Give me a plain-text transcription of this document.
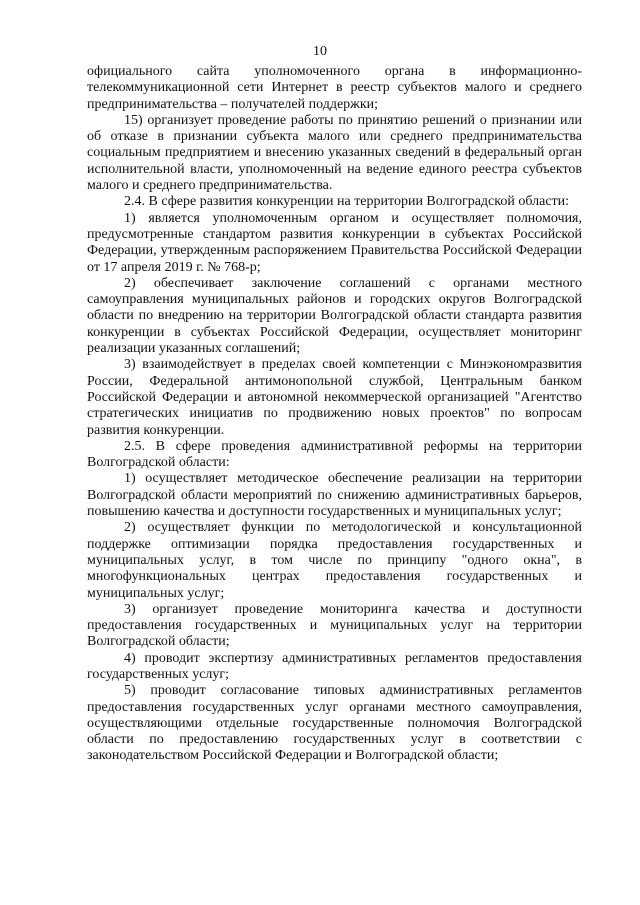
10

официального сайта уполномоченного органа в информационно-телекоммуникационной сети Интернет в реестр субъектов малого и среднего предпринимательства – получателей поддержки;

15) организует проведение работы по принятию решений о признании или об отказе в признании субъекта малого или среднего предпринимательства социальным предприятием и внесению указанных сведений в федеральный орган исполнительной власти, уполномоченный на ведение единого реестра субъектов малого и среднего предпринимательства.

2.4. В сфере развития конкуренции на территории Волгоградской области:

1) является уполномоченным органом и осуществляет полномочия, предусмотренные стандартом развития конкуренции в субъектах Российской Федерации, утвержденным распоряжением Правительства Российской Федерации от 17 апреля 2019 г. № 768-р;

2) обеспечивает заключение соглашений с органами местного самоуправления муниципальных районов и городских округов Волгоградской области по внедрению на территории Волгоградской области стандарта развития конкуренции в субъектах Российской Федерации, осуществляет мониторинг реализации указанных соглашений;

3) взаимодействует в пределах своей компетенции с Минэкономразвития России, Федеральной антимонопольной службой, Центральным банком Российской Федерации и автономной некоммерческой организацией "Агентство стратегических инициатив по продвижению новых проектов" по вопросам развития конкуренции.

2.5. В сфере проведения административной реформы на территории Волгоградской области:

1) осуществляет методическое обеспечение реализации на территории Волгоградской области мероприятий по снижению административных барьеров, повышению качества и доступности государственных и муниципальных услуг;

2) осуществляет функции по методологической и консультационной поддержке оптимизации порядка предоставления государственных и муниципальных услуг, в том числе по принципу "одного окна", в многофункциональных центрах предоставления государственных и муниципальных услуг;

3) организует проведение мониторинга качества и доступности предоставления государственных и муниципальных услуг на территории Волгоградской области;

4) проводит экспертизу административных регламентов предоставления государственных услуг;

5) проводит согласование типовых административных регламентов предоставления государственных услуг органами местного самоуправления, осуществляющими отдельные государственные полномочия Волгоградской области по предоставлению государственных услуг в соответствии с законодательством Российской Федерации и Волгоградской области;
